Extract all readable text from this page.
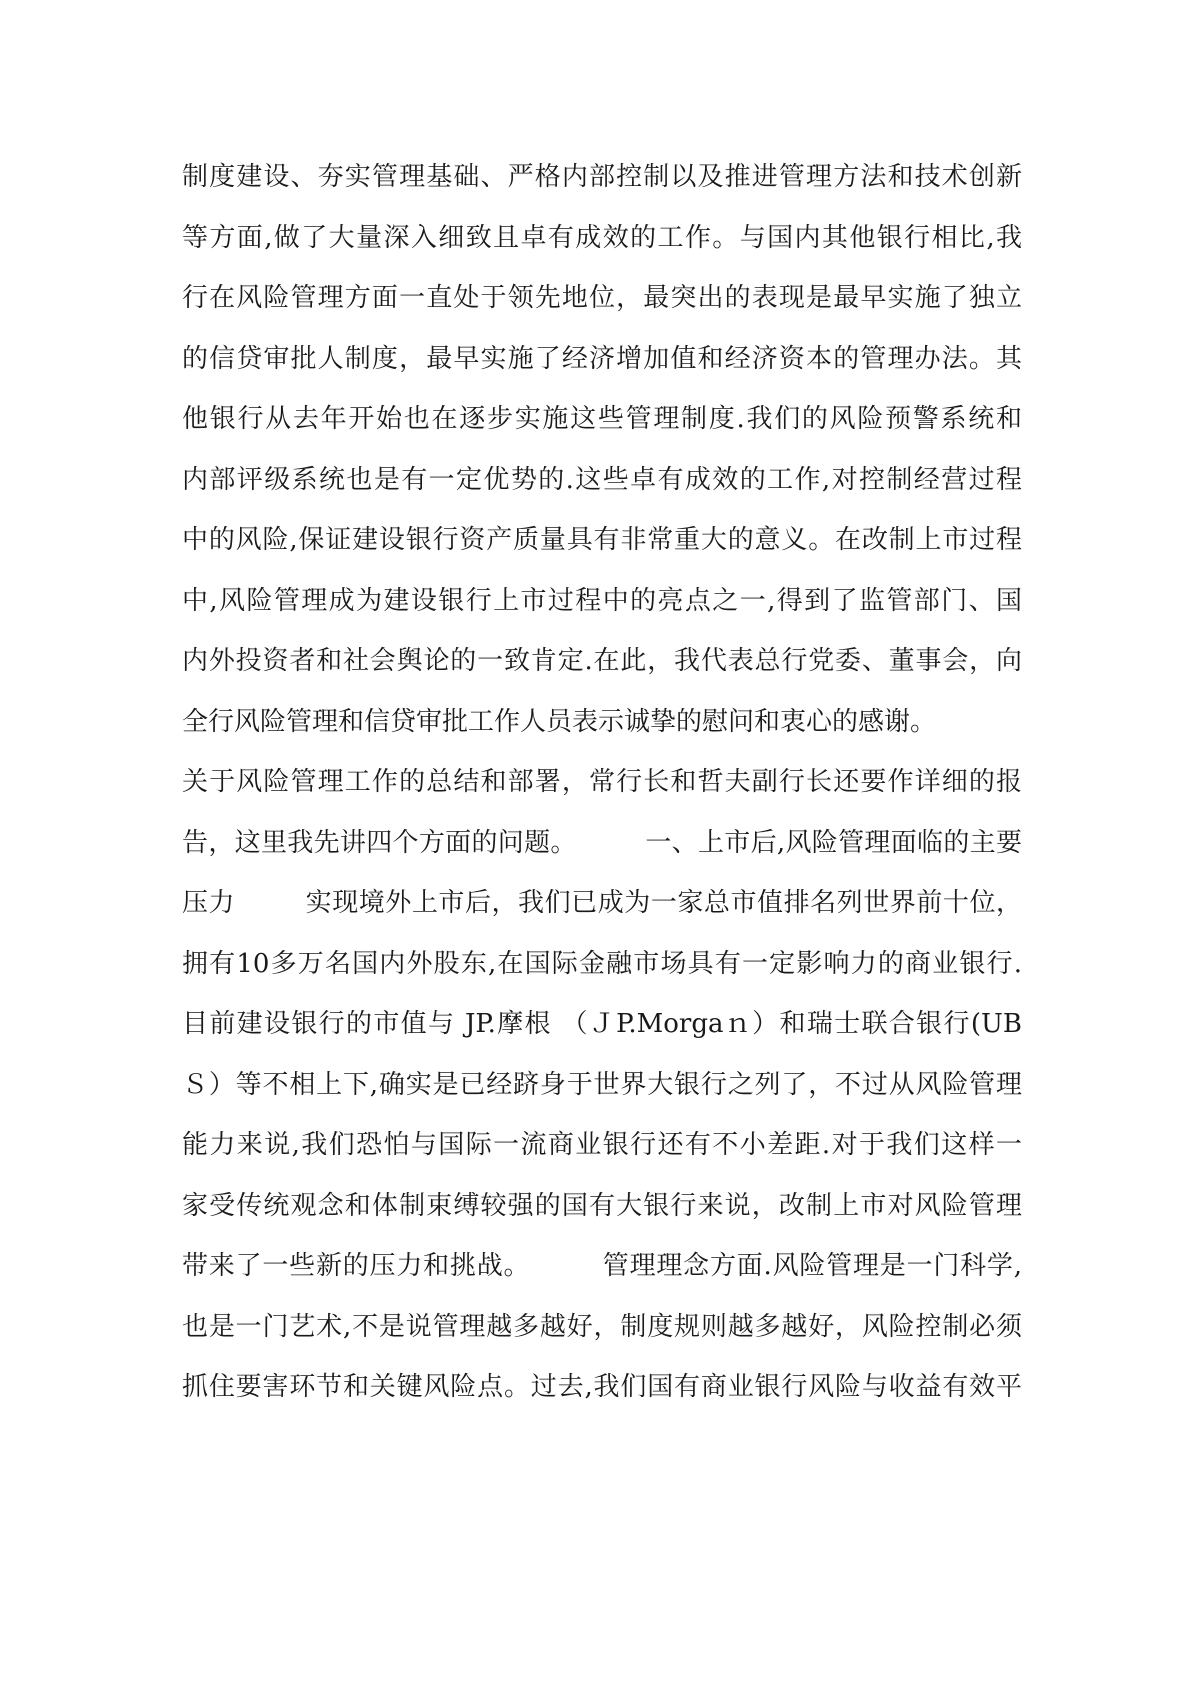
制度建设、夯实管理基础、严格内部控制以及推进管理方法和技术创新
等方面,做了大量深入细致且卓有成效的工作。与国内其他银行相比,我
行在风险管理方面一直处于领先地位，最突出的表现是最早实施了独立
的信贷审批人制度，最早实施了经济增加值和经济资本的管理办法。其
他银行从去年开始也在逐步实施这些管理制度.我们的风险预警系统和
内部评级系统也是有一定优势的.这些卓有成效的工作,对控制经营过程
中的风险,保证建设银行资产质量具有非常重大的意义。在改制上市过程
中,风险管理成为建设银行上市过程中的亮点之一,得到了监管部门、国
内外投资者和社会舆论的一致肯定.在此，我代表总行党委、董事会，向
全行风险管理和信贷审批工作人员表示诚挚的慰问和衷心的感谢。
关于风险管理工作的总结和部署，常行长和哲夫副行长还要作详细的报
告，这里我先讲四个方面的问题。        一、上市后,风险管理面临的主要
压力        实现境外上市后，我们已成为一家总市值排名列世界前十位，
拥有10多万名国内外股东,在国际金融市场具有一定影响力的商业银行.
目前建设银行的市值与 JP.摩根 （ＪP.Morgaｎ）和瑞士联合银行(UB
Ｓ）等不相上下,确实是已经跻身于世界大银行之列了，不过从风险管理
能力来说,我们恐怕与国际一流商业银行还有不小差距.对于我们这样一
家受传统观念和体制束缚较强的国有大银行来说，改制上市对风险管理
带来了一些新的压力和挑战。        管理理念方面.风险管理是一门科学,
也是一门艺术,不是说管理越多越好，制度规则越多越好，风险控制必须
抓住要害环节和关键风险点。过去,我们国有商业银行风险与收益有效平
